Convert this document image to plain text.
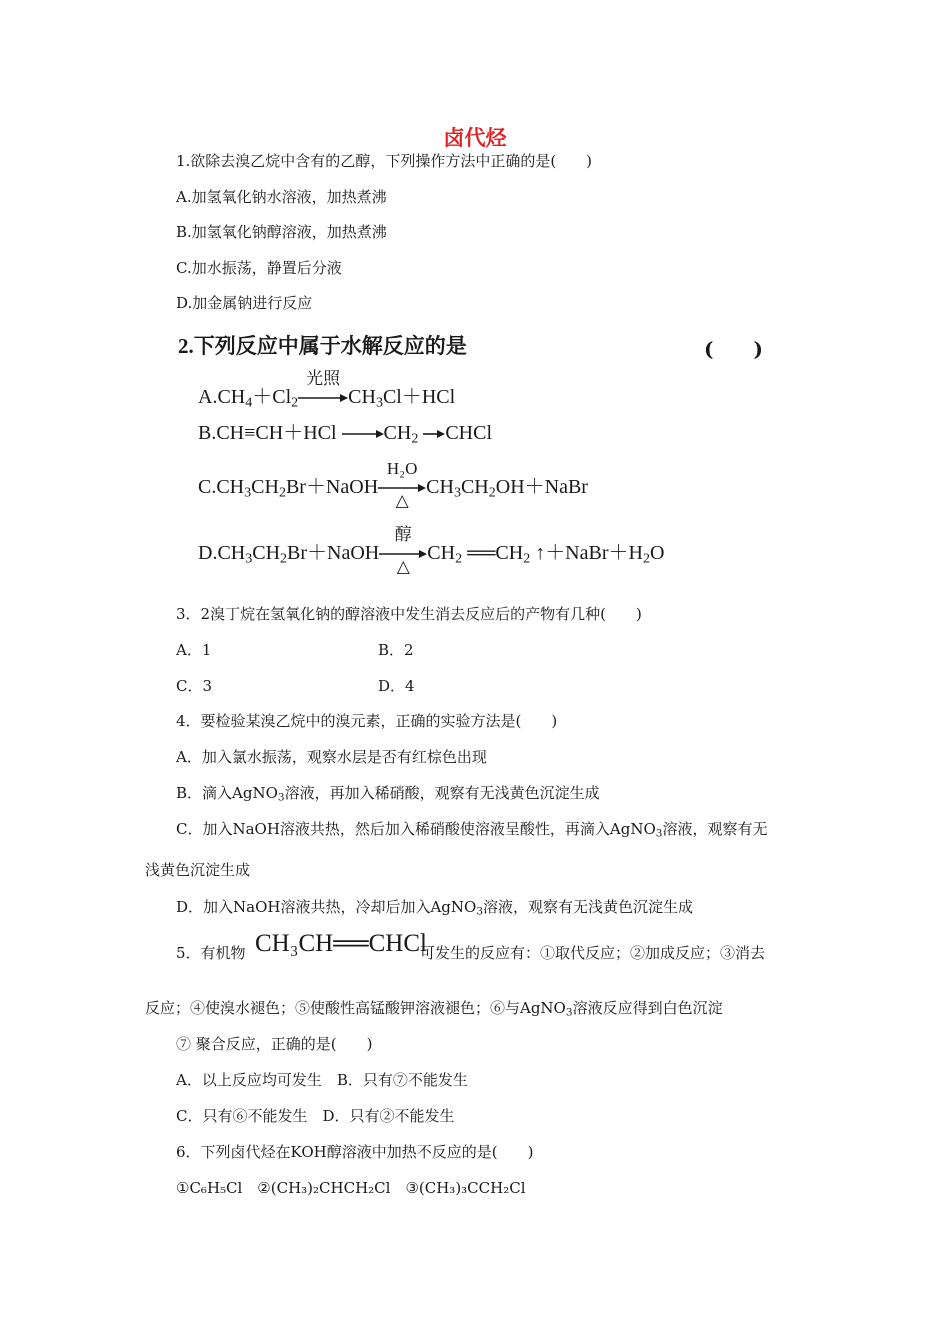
卤代烃
1.欲除去溴乙烷中含有的乙醇，下列操作方法中正确的是(　　)
A.加氢氧化钠水溶液，加热煮沸
B.加氢氧化钠醇溶液，加热煮沸
C.加水振荡，静置后分液
D.加金属钠进行反应
2.下列反应中属于水解反应的是	(　　)
$A.CH_4+Cl_2$
光照
$CH_3Cl+HCl$
$B.CH\equiv CH+HCl \to CH_2$ CHCl
$C.CH_3CH_2Br+NaOH$
H₂O
△
$CH_3CH_2OH+NaBr$
$D.CH_3CH_2Br+NaOH$
醇
△
$CH_2$ $══CH_2$ $↑+NaBr+H_2O$
3．2溴丁烷在氢氧化钠的醇溶液中发生消去反应后的产物有几种(　　)
A．1	B．2
C．3	D．4
4．要检验某溴乙烷中的溴元素，正确的实验方法是(　　)
A．加入氯水振荡，观察水层是否有红棕色出现
B．滴入AgNO$_3$溶液，再加入稀硝酸，观察有无浅黄色沉淀生成
C．加入NaOH溶液共热，然后加入稀硝酸使溶液呈酸性，再滴入AgNO$_3$溶液，观察有无
浅黄色沉淀生成
D．加入NaOH溶液共热，冷却后加入AgNO$_3$溶液，观察有无浅黄色沉淀生成
5．有机物 CH₃CH══CHCl
可发生的反应有：①取代反应；②加成反应；③消去
反应；④使溴水褪色；⑤使酸性高锰酸钾溶液褪色；⑥与AgNO$_3$溶液反应得到白色沉淀
⑦ 聚合反应，正确的是(　　)
A．以上反应均可发生　B．只有⑦不能发生
C．只有⑥不能发生　D．只有②不能发生
6．下列卤代烃在KOH醇溶液中加热不反应的是(　　)
①C₆H₅Cl　②(CH₃)₂CHCH₂Cl　③(CH₃)₃CCH₂Cl
